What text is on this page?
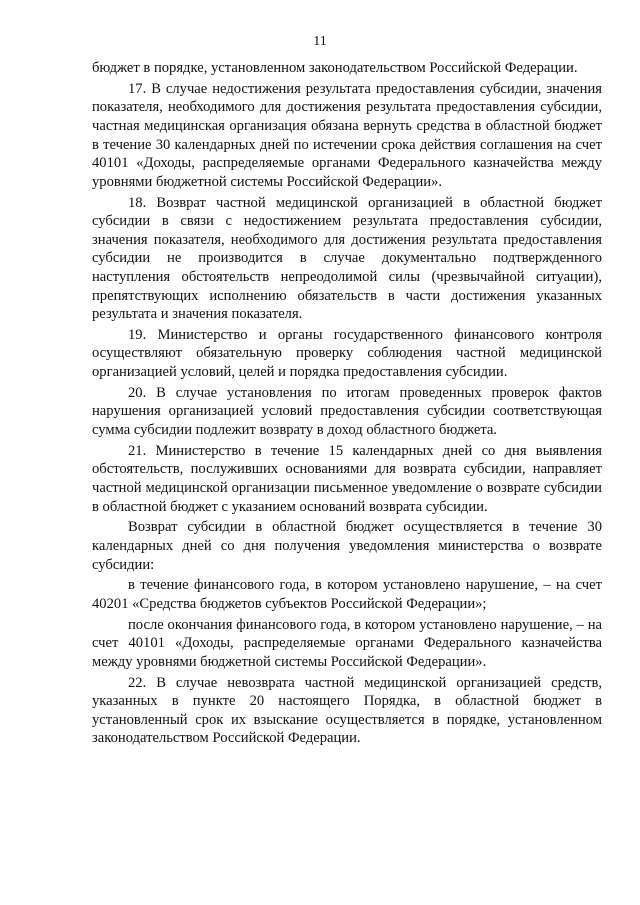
11

бюджет в порядке, установленном законодательством Российской Федерации.

17. В случае недостижения результата предоставления субсидии, значения показателя, необходимого для достижения результата предоставления субсидии, частная медицинская организация обязана вернуть средства в областной бюджет в течение 30 календарных дней по истечении срока действия соглашения на счет 40101 «Доходы, распределяемые органами Федерального казначейства между уровнями бюджетной системы Российской Федерации».

18. Возврат частной медицинской организацией в областной бюджет субсидии в связи с недостижением результата предоставления субсидии, значения показателя, необходимого для достижения результата предоставления субсидии не производится в случае документально подтвержденного наступления обстоятельств непреодолимой силы (чрезвычайной ситуации), препятствующих исполнению обязательств в части достижения указанных результата и значения показателя.

19. Министерство и органы государственного финансового контроля осуществляют обязательную проверку соблюдения частной медицинской организацией условий, целей и порядка предоставления субсидии.

20. В случае установления по итогам проведенных проверок фактов нарушения организацией условий предоставления субсидии соответствующая сумма субсидии подлежит возврату в доход областного бюджета.

21. Министерство в течение 15 календарных дней со дня выявления обстоятельств, послуживших основаниями для возврата субсидии, направляет частной медицинской организации письменное уведомление о возврате субсидии в областной бюджет с указанием оснований возврата субсидии.

Возврат субсидии в областной бюджет осуществляется в течение 30 календарных дней со дня получения уведомления министерства о возврате субсидии:

в течение финансового года, в котором установлено нарушение, – на счет 40201 «Средства бюджетов субъектов Российской Федерации»;

после окончания финансового года, в котором установлено нарушение, – на счет 40101 «Доходы, распределяемые органами Федерального казначейства между уровнями бюджетной системы Российской Федерации».

22. В случае невозврата частной медицинской организацией средств, указанных в пункте 20 настоящего Порядка, в областной бюджет в установленный срок их взыскание осуществляется в порядке, установленном законодательством Российской Федерации.
